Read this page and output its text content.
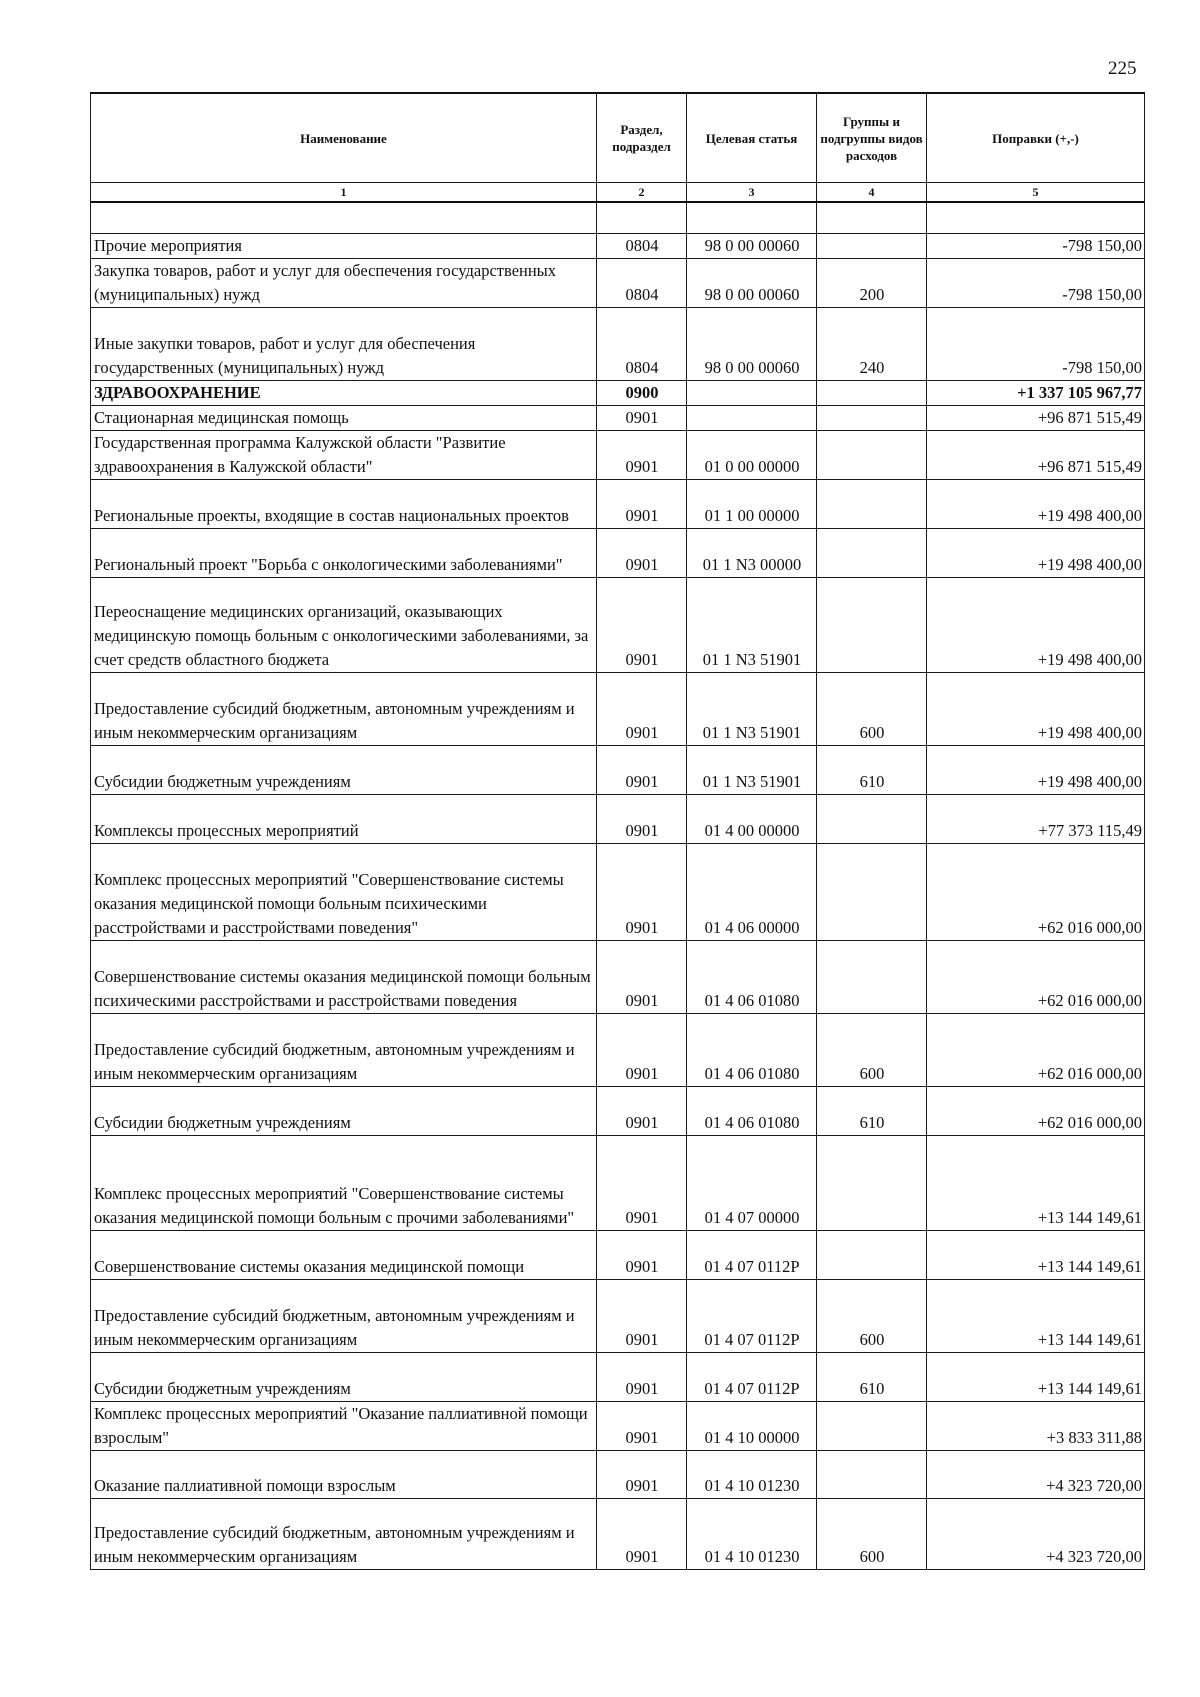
225
Наименование	Раздел, подраздел	Целевая статья	Группы и подгруппы видов расходов	Поправки (+,-)
1	2	3	4	5

Прочие мероприятия	0804	98 0 00 00060		-798 150,00
Закупка товаров, работ и услуг для обеспечения государственных (муниципальных) нужд	0804	98 0 00 00060	200	-798 150,00
Иные закупки товаров, работ и услуг для обеспечения государственных (муниципальных) нужд	0804	98 0 00 00060	240	-798 150,00
ЗДРАВООХРАНЕНИЕ	0900			+1 337 105 967,77
Стационарная медицинская помощь	0901			+96 871 515,49
Государственная программа Калужской области "Развитие здравоохранения в Калужской области"	0901	01 0 00 00000		+96 871 515,49
Региональные проекты, входящие в состав национальных проектов	0901	01 1 00 00000		+19 498 400,00
Региональный проект "Борьба с онкологическими заболеваниями"	0901	01 1 N3 00000		+19 498 400,00
Переоснащение медицинских организаций, оказывающих медицинскую помощь больным с онкологическими заболеваниями, за счет средств областного бюджета	0901	01 1 N3 51901		+19 498 400,00
Предоставление субсидий бюджетным, автономным учреждениям и иным некоммерческим организациям	0901	01 1 N3 51901	600	+19 498 400,00
Субсидии бюджетным учреждениям	0901	01 1 N3 51901	610	+19 498 400,00
Комплексы процессных мероприятий	0901	01 4 00 00000		+77 373 115,49
Комплекс процессных мероприятий "Совершенствование системы оказания медицинской помощи больным психическими расстройствами и расстройствами поведения"	0901	01 4 06 00000		+62 016 000,00
Совершенствование системы оказания медицинской помощи больным психическими расстройствами и расстройствами поведения	0901	01 4 06 01080		+62 016 000,00
Предоставление субсидий бюджетным, автономным учреждениям и иным некоммерческим организациям	0901	01 4 06 01080	600	+62 016 000,00
Субсидии бюджетным учреждениям	0901	01 4 06 01080	610	+62 016 000,00
Комплекс процессных мероприятий "Совершенствование системы оказания медицинской помощи больным с прочими заболеваниями"	0901	01 4 07 00000		+13 144 149,61
Совершенствование системы оказания медицинской помощи	0901	01 4 07 0112P		+13 144 149,61
Предоставление субсидий бюджетным, автономным учреждениям и иным некоммерческим организациям	0901	01 4 07 0112P	600	+13 144 149,61
Субсидии бюджетным учреждениям	0901	01 4 07 0112P	610	+13 144 149,61
Комплекс процессных мероприятий "Оказание паллиативной помощи взрослым"	0901	01 4 10 00000		+3 833 311,88
Оказание паллиативной помощи взрослым	0901	01 4 10 01230		+4 323 720,00
Предоставление субсидий бюджетным, автономным учреждениям и иным некоммерческим организациям	0901	01 4 10 01230	600	+4 323 720,00
